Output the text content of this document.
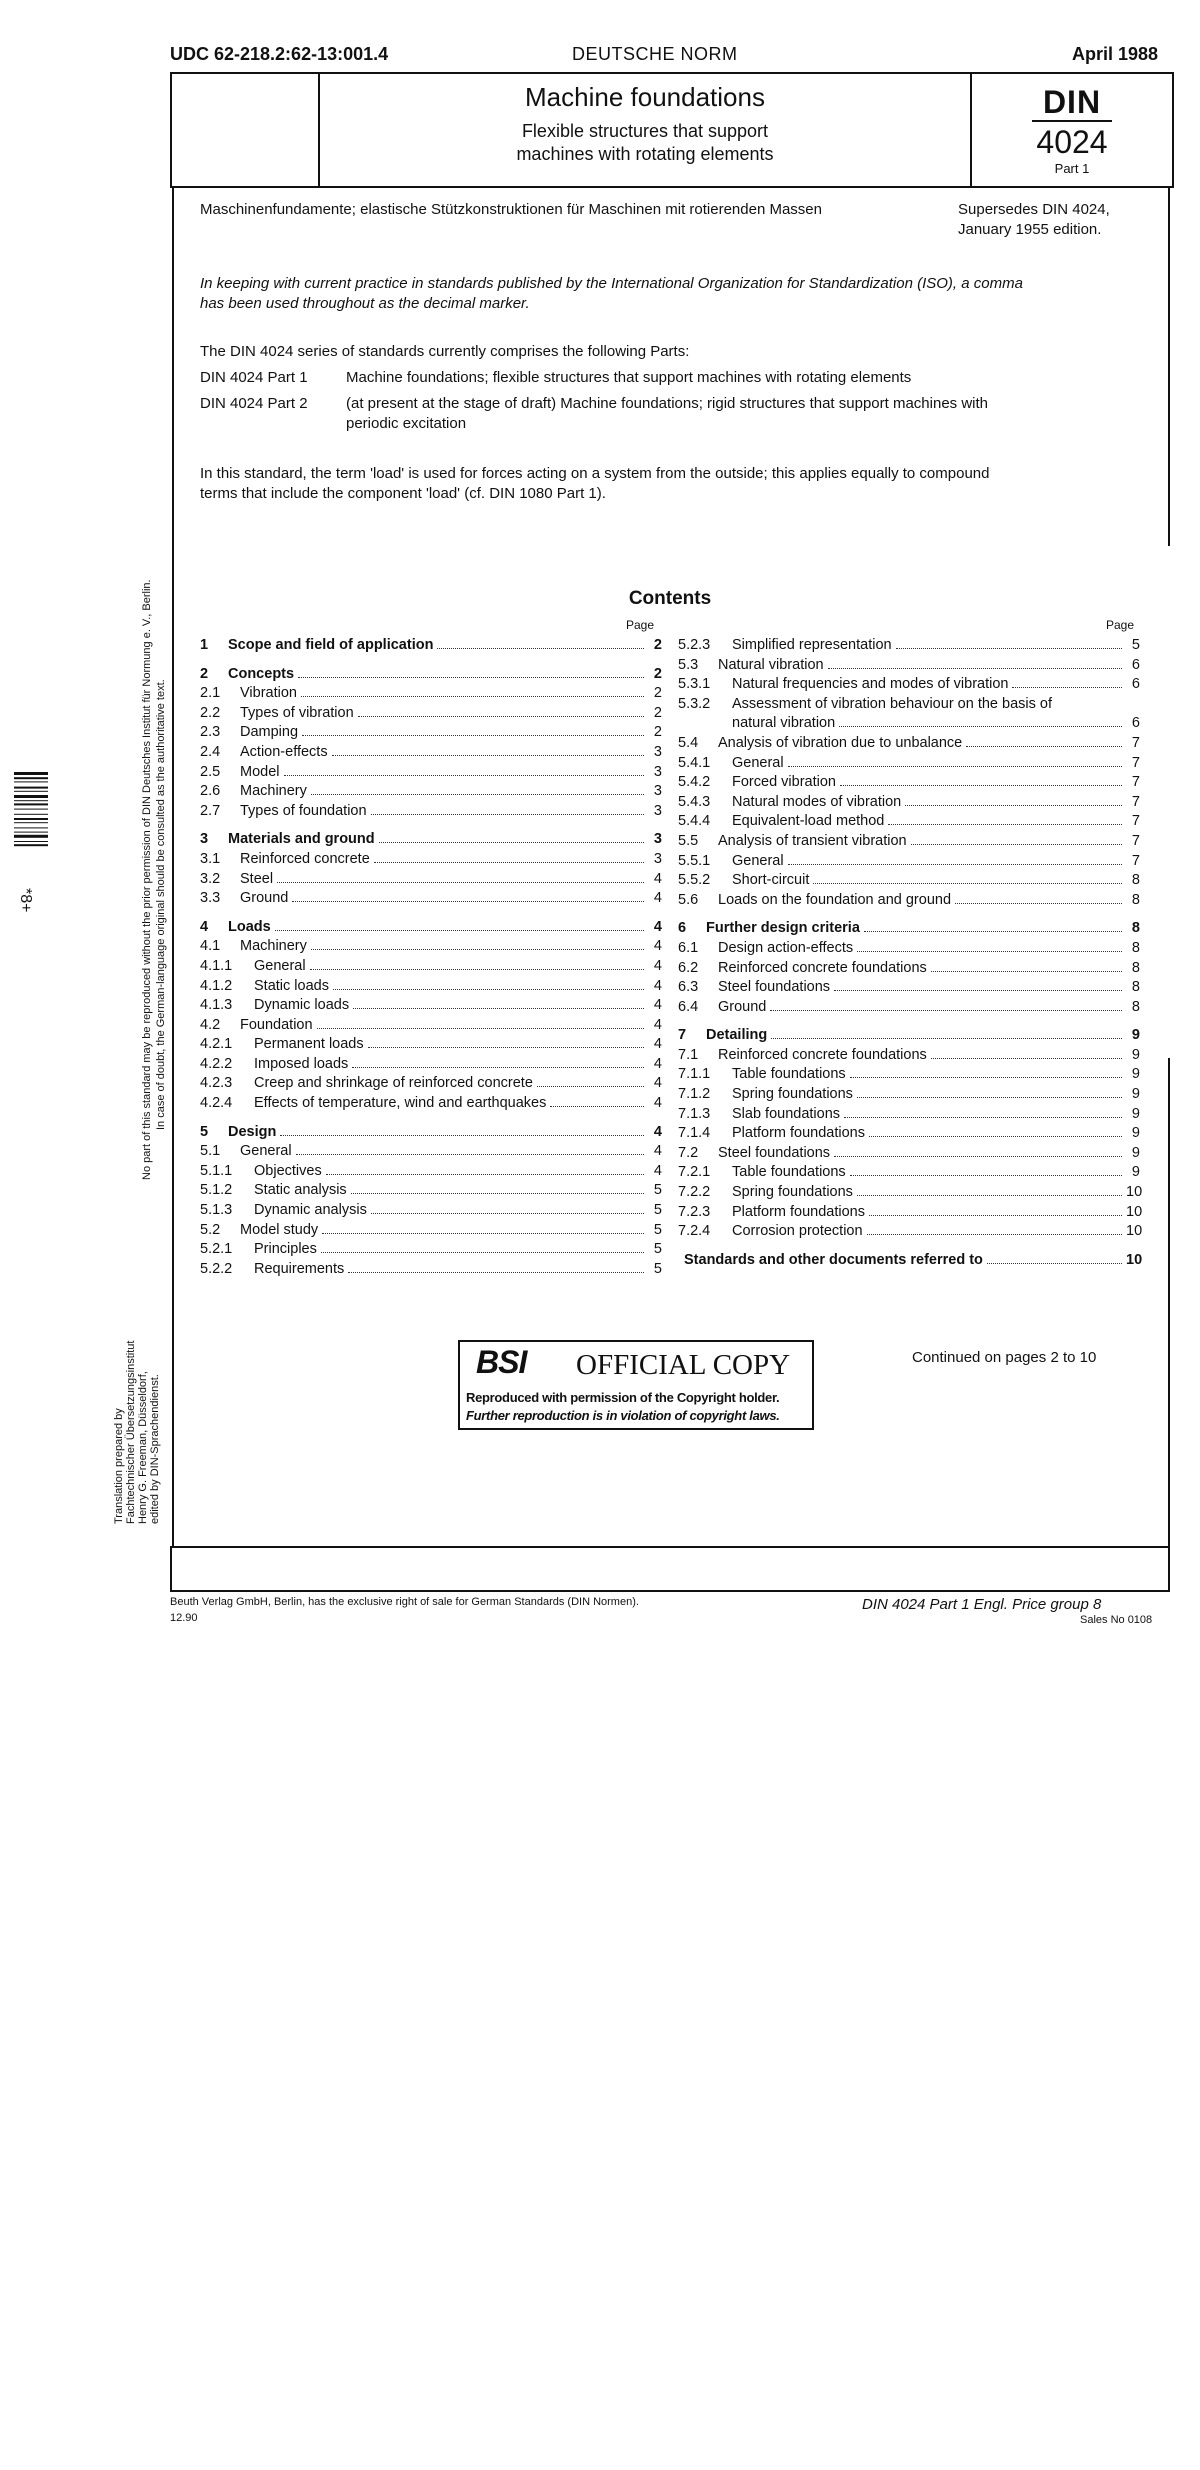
UDC 62-218.2:62-13:001.4	DEUTSCHE NORM	April 1988
Machine foundations
Flexible structures that support
machines with rotating elements
DIN
4024
Part 1
Maschinenfundamente; elastische Stützkonstruktionen für Maschinen mit rotierenden Massen	Supersedes DIN 4024,
January 1955 edition.
In keeping with current practice in standards published by the International Organization for Standardization (ISO), a comma
has been used throughout as the decimal marker.
The DIN 4024 series of standards currently comprises the following Parts:
DIN 4024 Part 1	Machine foundations; flexible structures that support machines with rotating elements
DIN 4024 Part 2	(at present at the stage of draft) Machine foundations; rigid structures that support machines with
periodic excitation
In this standard, the term 'load' is used for forces acting on a system from the outside; this applies equally to compound
terms that include the component 'load' (cf. DIN 1080 Part 1).
Contents
Page	Page
1	Scope and field of application	2
2	Concepts	2
2.1	Vibration	2
2.2	Types of vibration	2
2.3	Damping	2
2.4	Action-effects	3
2.5	Model	3
2.6	Machinery	3
2.7	Types of foundation	3
3	Materials and ground	3
3.1	Reinforced concrete	3
3.2	Steel	4
3.3	Ground	4
4	Loads	4
4.1	Machinery	4
4.1.1	General	4
4.1.2	Static loads	4
4.1.3	Dynamic loads	4
4.2	Foundation	4
4.2.1	Permanent loads	4
4.2.2	Imposed loads	4
4.2.3	Creep and shrinkage of reinforced concrete	4
4.2.4	Effects of temperature, wind and earthquakes	4
5	Design	4
5.1	General	4
5.1.1	Objectives	4
5.1.2	Static analysis	5
5.1.3	Dynamic analysis	5
5.2	Model study	5
5.2.1	Principles	5
5.2.2	Requirements	5
5.2.3	Simplified representation	5
5.3	Natural vibration	6
5.3.1	Natural frequencies and modes of vibration	6
5.3.2	Assessment of vibration behaviour on the basis of
natural vibration	6
5.4	Analysis of vibration due to unbalance	7
5.4.1	General	7
5.4.2	Forced vibration	7
5.4.3	Natural modes of vibration	7
5.4.4	Equivalent-load method	7
5.5	Analysis of transient vibration	7
5.5.1	General	7
5.5.2	Short-circuit	8
5.6	Loads on the foundation and ground	8
6	Further design criteria	8
6.1	Design action-effects	8
6.2	Reinforced concrete foundations	8
6.3	Steel foundations	8
6.4	Ground	8
7	Detailing	9
7.1	Reinforced concrete foundations	9
7.1.1	Table foundations	9
7.1.2	Spring foundations	9
7.1.3	Slab foundations	9
7.1.4	Platform foundations	9
7.2	Steel foundations	9
7.2.1	Table foundations	9
7.2.2	Spring foundations	10
7.2.3	Platform foundations	10
7.2.4	Corrosion protection	10
Standards and other documents referred to	10
BSI OFFICIAL COPY
Reproduced with permission of the Copyright holder.
Further reproduction is in violation of copyright laws.
Continued on pages 2 to 10
No part of this standard may be reproduced without the prior permission of DIN Deutsches Institut für Normung e. V., Berlin. In case of doubt, the German-language original should be consulted as the authoritative text.
Translation prepared by Fachtechnischer Übersetzungsinstitut Henry G. Freeman, Düsseldorf, edited by DIN-Sprachendienst.
*8+
Beuth Verlag GmbH, Berlin, has the exclusive right of sale for German Standards (DIN Normen).
12.90
DIN 4024 Part 1 Engl. Price group 8
Sales No 0108
